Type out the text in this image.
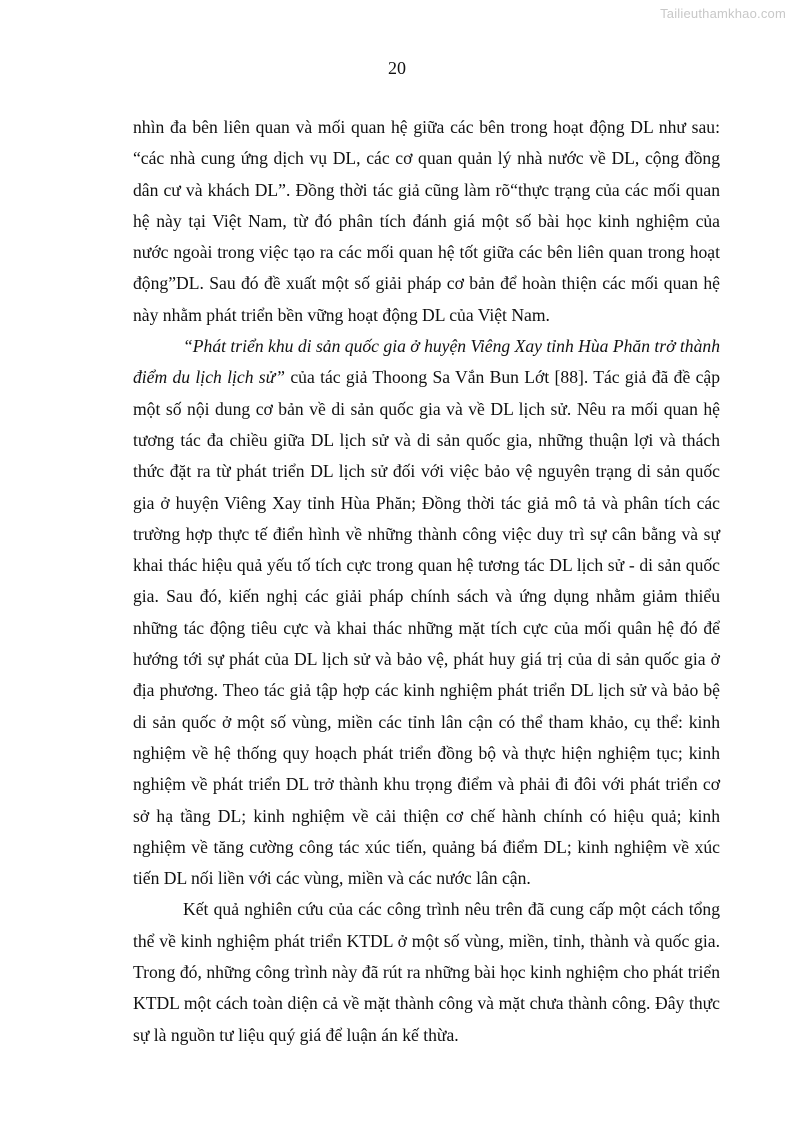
Tailieuthamkhao.com
20

nhìn đa bên liên quan và mối quan hệ giữa các bên trong hoạt động DL như sau: “các nhà cung ứng dịch vụ DL, các cơ quan quản lý nhà nước về DL, cộng đồng dân cư và khách DL”. Đồng thời tác giả cũng làm rõ“thực trạng của các mối quan hệ này tại Việt Nam, từ đó phân tích đánh giá một số bài học kinh nghiệm của nước ngoài trong việc tạo ra các mối quan hệ tốt giữa các bên liên quan trong hoạt động”DL. Sau đó đề xuất một số giải pháp cơ bản để hoàn thiện các mối quan hệ này nhằm phát triển bền vững hoạt động DL của Việt Nam.

“Phát triển khu di sản quốc gia ở huyện Viêng Xay tỉnh Hùa Phăn trở thành điểm du lịch lịch sử” của tác giả Thoong Sa Vắn Bun Lớt [88]. Tác giả đã đề cập một số nội dung cơ bản về di sản quốc gia và về DL lịch sử. Nêu ra mối quan hệ tương tác đa chiều giữa DL lịch sử và di sản quốc gia, những thuận lợi và thách thức đặt ra từ phát triển DL lịch sử đối với việc bảo vệ nguyên trạng di sản quốc gia ở huyện Viêng Xay tỉnh Hùa Phăn; Đồng thời tác giả mô tả và phân tích các trường hợp thực tế điển hình về những thành công việc duy trì sự cân bằng và sự khai thác hiệu quả yếu tố tích cực trong quan hệ tương tác DL lịch sử - di sản quốc gia. Sau đó, kiến nghị các giải pháp chính sách và ứng dụng nhằm giảm thiểu những tác động tiêu cực và khai thác những mặt tích cực của mối quân hệ đó để hướng tới sự phát của DL lịch sử và bảo vệ, phát huy giá trị của di sản quốc gia ở địa phương. Theo tác giả tập hợp các kinh nghiệm phát triển DL lịch sử và bảo bệ di sản quốc ở một số vùng, miền các tỉnh lân cận có thể tham khảo, cụ thể: kinh nghiệm về hệ thống quy hoạch phát triển đồng bộ và thực hiện nghiệm tục; kinh nghiệm về phát triển DL trở thành khu trọng điểm và phải đi đôi với phát triển cơ sở hạ tầng DL; kinh nghiệm về cải thiện cơ chế hành chính có hiệu quả; kinh nghiệm về tăng cường công tác xúc tiến, quảng bá điểm DL; kinh nghiệm về xúc tiến DL nối liền với các vùng, miền và các nước lân cận.

Kết quả nghiên cứu của các công trình nêu trên đã cung cấp một cách tổng thể về kinh nghiệm phát triển KTDL ở một số vùng, miền, tỉnh, thành và quốc gia. Trong đó, những công trình này đã rút ra những bài học kinh nghiệm cho phát triển KTDL một cách toàn diện cả về mặt thành công và mặt chưa thành công. Đây thực sự là nguồn tư liệu quý giá để luận án kế thừa.
